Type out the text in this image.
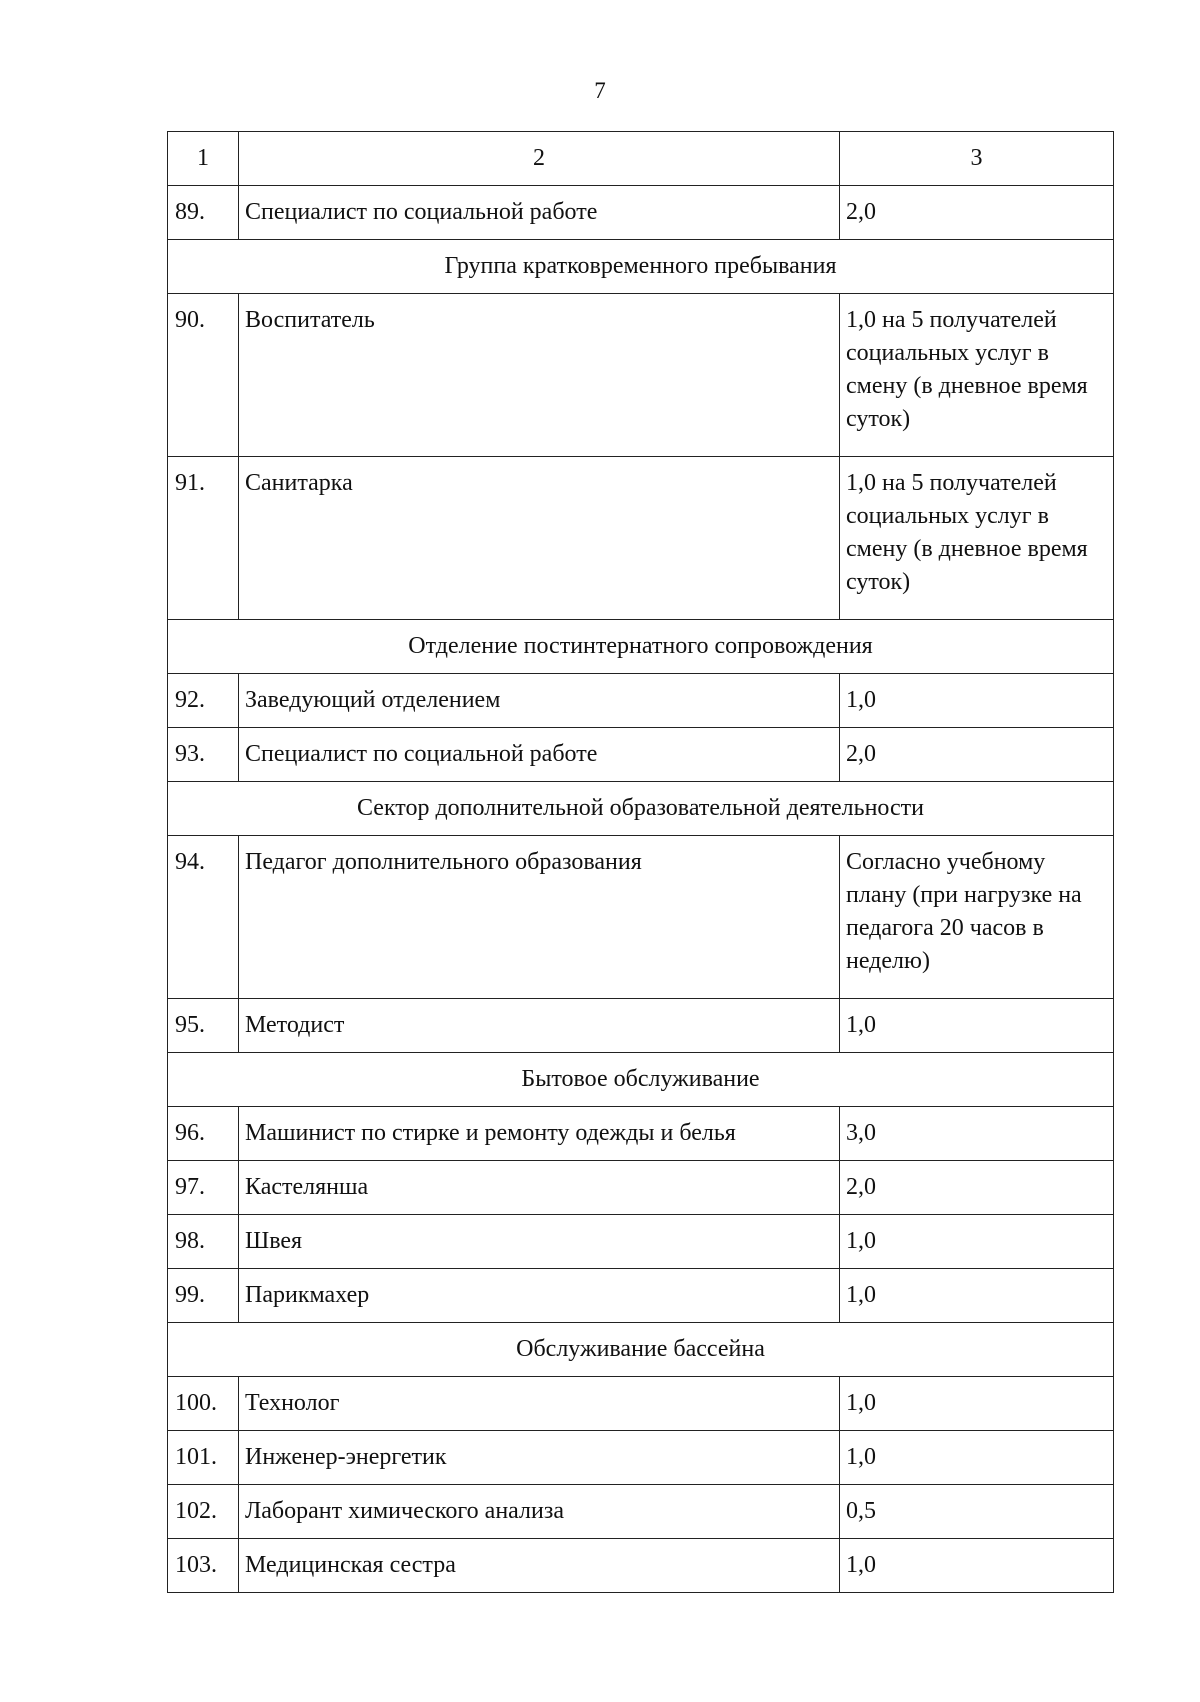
7
1	2	3
89.	Специалист по социальной работе	2,0
Группа кратковременного пребывания		
90.	Воспитатель	1,0 на 5 получателей социальных услуг в смену (в дневное время суток)
91.	Санитарка	1,0 на 5 получателей социальных услуг в смену (в дневное время суток)
Отделение постинтернатного сопровождения		
92.	Заведующий отделением	1,0
93.	Специалист по социальной работе	2,0
Сектор дополнительной образовательной деятельности		
94.	Педагог дополнительного образования	Согласно учебному плану (при нагрузке на педагога 20 часов в неделю)
95.	Методист	1,0
Бытовое обслуживание		
96.	Машинист по стирке и ремонту одежды и белья	3,0
97.	Кастелянша	2,0
98.	Швея	1,0
99.	Парикмахер	1,0
Обслуживание бассейна		
100.	Технолог	1,0
101.	Инженер-энергетик	1,0
102.	Лаборант химического анализа	0,5
103.	Медицинская сестра	1,0
